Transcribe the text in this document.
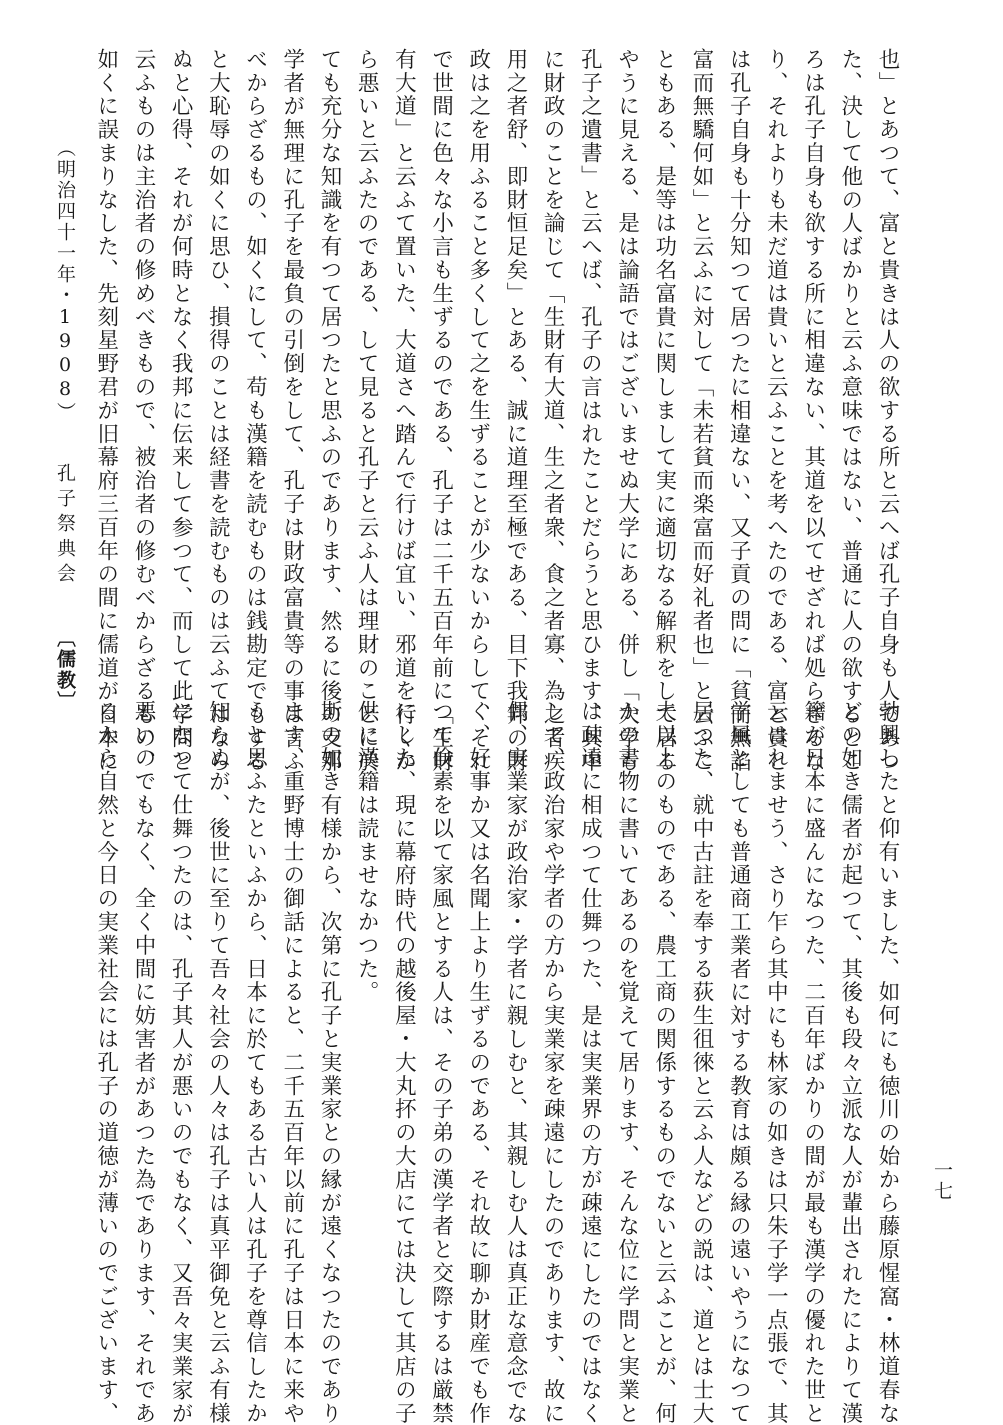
也」とあつて、富と貴きは人の欲する所と云へば孔子自身も人であつ
た、決して他の人ばかりと云ふ意味ではない、普通に人の欲するとこ
ろは孔子自身も欲する所に相違ない、其道を以てせざれば処らざるな
り、それよりも未だ道は貴いと云ふことを考へたのである、富と貴と
は孔子自身も十分知つて居つたに相違ない、又子貢の問に「貧而無諂
富而無驕何如」と云ふに対して「未若貧而楽富而好礼者也」と云ふこ
ともある、是等は功名富貴に関しまして実に適切なる解釈をして居る
やうに見える、是は論語ではございませぬ大学にある、併し「大学も
孔子之遺書」と云へば、孔子の言はれたことだらうと思ひます、其中
に財政のことを論じて「生財有大道、生之者衆、食之者寡、為之者疾
用之者舒、即財恒足矣」とある、誠に道理至極である、目下我邦の財
政は之を用ふること多くして之を生ずることが少ないからして、それ
で世間に色々な小言も生ずるのである、孔子は二千五百年前に「生財
有大道」と云ふて置いた、大道さへ踏んで行けば宜い、邪道を行くか
ら悪いと云ふたのである、して見ると孔子と云ふ人は理財のことに於
ても充分な知識を有つて居つたと思ふのであります、然るに後の支那
学者が無理に孔子を最負の引倒をして、孔子は財政富貴等の事は言ふ
べからざるもの、如くにして、苟も漢籍を読むものは銭勘定でもする
と大恥辱の如くに思ひ、損得のことは経書を読むものは云ふてはなら
ぬと心得、それが何時となく我邦に伝来して参つて、而して此学問と
云ふものは主治者の修めべきもので、被治者の修むべからざるもの、
如くに誤まりなした、先刻星野君が旧幕府三百年の間に儒道が日本に
勃興したと仰有いました、如何にも徳川の始から藤原惺窩・林道春な
どの如き儒者が起つて、其後も段々立派な人が輩出されたによりて漢
籍が日本に盛んになつた、二百年ばかりの間が最も漢学の優れた世と
云はれませう、さり乍ら其中にも林家の如きは只朱子学一点張で、其
学風としても普通商工業者に対する教育は頗る縁の遠いやうになつて
居つた、就中古註を奉する荻生徂徠と云ふ人などの説は、道とは士大
夫以上のものである、農工商の関係するものでないと云ふことが、何
かの書物に書いてあるのを覚えて居ります、そんな位に学問と実業と
は疎遠に相成つて仕舞つた、是は実業界の方が疎遠にしたのではなく
して、政治家や学者の方から実業家を疎遠にしたのであります、故に
偶、実業家が政治家・学者に親しむと、其親しむ人は真正な意念でな
く、好事か又は名聞上より生ずるのである、それ故に聊か財産でも作
つて倹素を以て家風とする人は、その子弟の漢学者と交際するは厳禁
にした、現に幕府時代の越後屋・大丸抔の大店にては決して其店の子
供に漢籍は読ませなかつた。
斯の如き有様から、次第に孔子と実業家との縁が遠くなつたのであり
ます、重野博士の御話によると、二千五百年以前に孔子は日本に来や
うと思ふたといふから、日本に於てもある古い人は孔子を尊信したか
知らぬが、後世に至りて吾々社会の人々は孔子は真平御免と云ふ有様
になつて仕舞つたのは、孔子其人が悪いのでもなく、又吾々実業家が
悪いのでもなく、全く中間に妨害者があつた為であります、それであ
るから自然と今日の実業社会には孔子の道徳が薄いのでございます、	一七
〔儒教〕
孔子祭典会
（明治四十一年・1908）
